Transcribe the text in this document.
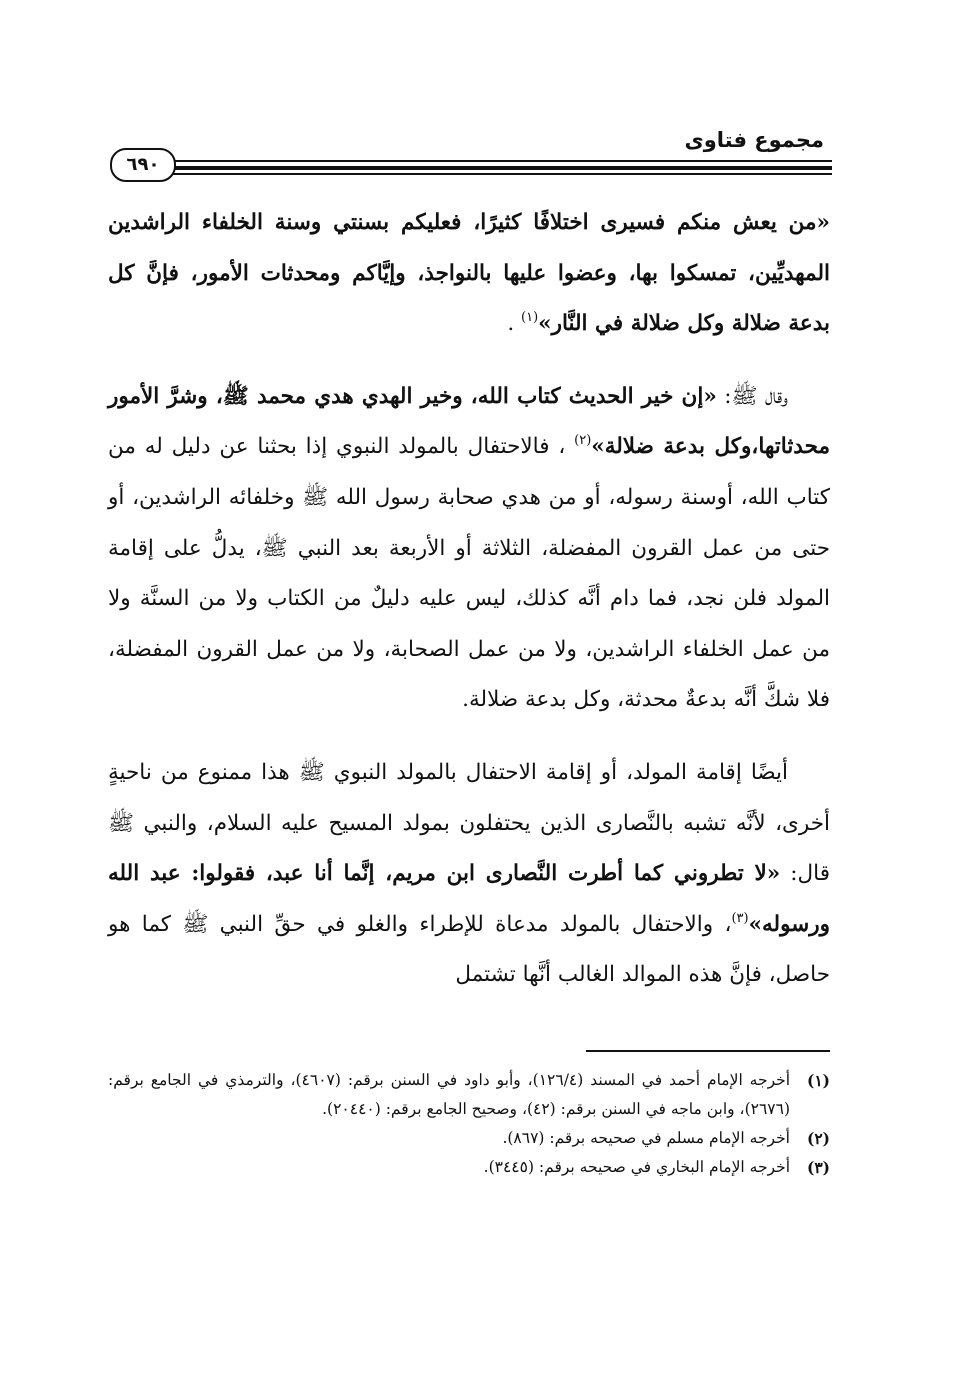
مجموع فتاوى
٦٩٠

«من يعش منكم فسيرى اختلافًا كثيرًا، فعليكم بسنتي وسنة الخلفاء الراشدين المهديِّين، تمسكوا بها، وعضوا عليها بالنواجذ، وإيَّاكم ومحدثات الأمور، فإنَّ كل بدعة ضلالة وكل ضلالة في النَّار»$^{(١)}$ .

وقال ﷺ: «إن خير الحديث كتاب الله، وخير الهدي هدي محمد ﷺ، وشرَّ الأمور محدثاتها،وكل بدعة ضلالة»$^{(٢)}$ ، فالاحتفال بالمولد النبوي إذا بحثنا عن دليل له من كتاب الله، أوسنة رسوله، أو من هدي صحابة رسول الله ﷺ وخلفائه الراشدين، أو حتى من عمل القرون المفضلة، الثلاثة أو الأربعة بعد النبي ﷺ، يدلُّ على إقامة المولد فلن نجد، فما دام أنَّه كذلك، ليس عليه دليلٌ من الكتاب ولا من السنَّة ولا من عمل الخلفاء الراشدين، ولا من عمل الصحابة، ولا من عمل القرون المفضلة، فلا شكَّ أنَّه بدعةٌ محدثة، وكل بدعة ضلالة.

أيضًا إقامة المولد، أو إقامة الاحتفال بالمولد النبوي ﷺ هذا ممنوع من ناحيةٍ أخرى، لأنَّه تشبه بالنَّصارى الذين يحتفلون بمولد المسيح عليه السلام، والنبي ﷺ قال: «لا تطروني كما أطرت النَّصارى ابن مريم، إنَّما أنا عبد، فقولوا: عبد الله ورسوله»$^{(٣)}$، والاحتفال بالمولد مدعاة للإطراء والغلو في حقِّ النبي ﷺ كما هو حاصل، فإنَّ هذه الموالد الغالب أنَّها تشتمل

(١)
أخرجه الإمام أحمد في المسند (١٢٦/٤)، وأبو داود في السنن برقم: (٤٦٠٧)، والترمذي في الجامع برقم: (٢٦٧٦)، وابن ماجه في السنن برقم: (٤٢)، وصحيح الجامع برقم: (٢٠٤٤٠).

(٢)
أخرجه الإمام مسلم في صحيحه برقم: (٨٦٧).

(٣)
أخرجه الإمام البخاري في صحيحه برقم: (٣٤٤٥).
